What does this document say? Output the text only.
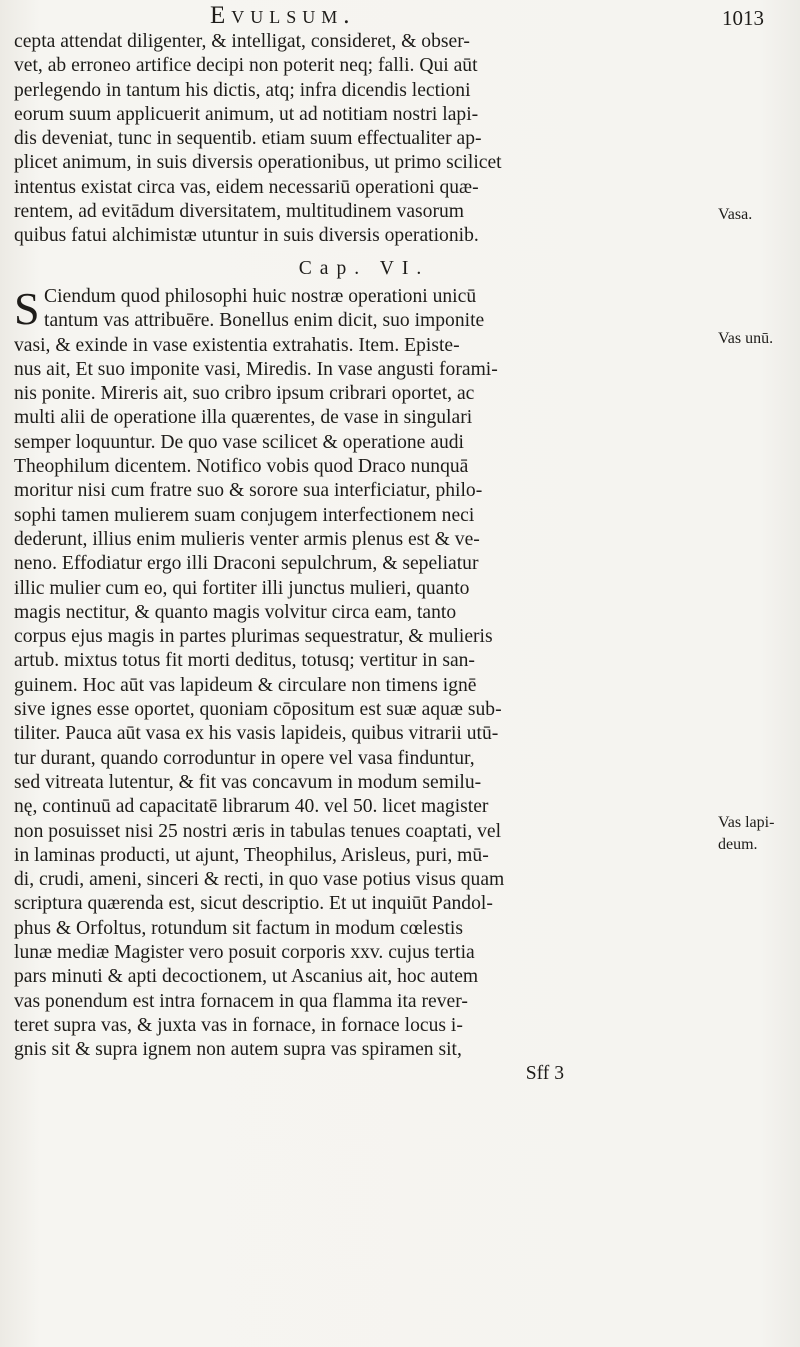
Evulsum.	1013
cepta attendat diligenter, & intelligat, consideret, & obser-
vet, ab erroneo artifice decipi non poterit neq; falli. Qui aūt
perlegendo in tantum his dictis, atq; infra dicendis lectioni
eorum suum applicuerit animum, ut ad notitiam nostri lapi-
dis deveniat, tunc in sequentib. etiam suum effectualiter ap-
plicet animum, in suis diversis operationibus, ut primo scilicet
intentus existat circa vas, eidem necessariū operationi quæ-
rentem, ad evitādum diversitatem, multitudinem vasorum
quibus fatui alchimistæ utuntur in suis diversis operationib.
Cap. VI.
S Ciendum quod philosophi huic nostræ operationi unicū
tantum vas attribuēre. Bonellus enim dicit, suo imponite
vasi, & exinde in vase existentia extrahatis. Item. Episte-
nus ait, Et suo imponite vasi, Miredis. In vase angusti forami-
nis ponite. Mireris ait, suo cribro ipsum cribrari oportet, ac
multi alii de operatione illa quærentes, de vase in singulari
semper loquuntur. De quo vase scilicet & operatione audi
Theophilum dicentem. Notifico vobis quod Draco nunquā
moritur nisi cum fratre suo & sorore sua interficiatur, philo-
sophi tamen mulierem suam conjugem interfectionem neci
dederunt, illius enim mulieris venter armis plenus est & ve-
neno. Effodiatur ergo illi Draconi sepulchrum, & sepeliatur
illic mulier cum eo, qui fortiter illi junctus mulieri, quanto
magis nectitur, & quanto magis volvitur circa eam, tanto
corpus ejus magis in partes plurimas sequestratur, & mulieris
artub. mixtus totus fit morti deditus, totusq; vertitur in san-
guinem. Hoc aūt vas lapideum & circulare non timens ignē
sive ignes esse oportet, quoniam cōpositum est suæ aquæ sub-
tiliter. Pauca aūt vasa ex his vasis lapideis, quibus vitrarii utū-
tur durant, quando corroduntur in opere vel vasa finduntur,
sed vitreata lutentur, & fit vas concavum in modum semilu-
nę, continuū ad capacitatē librarum 40. vel 50. licet magister
non posuisset nisi 25 nostri æris in tabulas tenues coaptati, vel
in laminas producti, ut ajunt, Theophilus, Arisleus, puri, mū-
di, crudi, ameni, sinceri & recti, in quo vase potius visus quam
scriptura quærenda est, sicut descriptio. Et ut inquiūt Pandol-
phus & Orfoltus, rotundum sit factum in modum cœlestis
lunæ mediæ Magister vero posuit corporis xxv. cujus tertia
pars minuti & apti decoctionem, ut Ascanius ait, hoc autem
vas ponendum est intra fornacem in qua flamma ita rever-
teret supra vas, & juxta vas in fornace, in fornace locus i-
gnis sit & supra ignem non autem supra vas spiramen sit,
Sff 3
Vasa.
Vas unū.
Vas lapi-
deum.
